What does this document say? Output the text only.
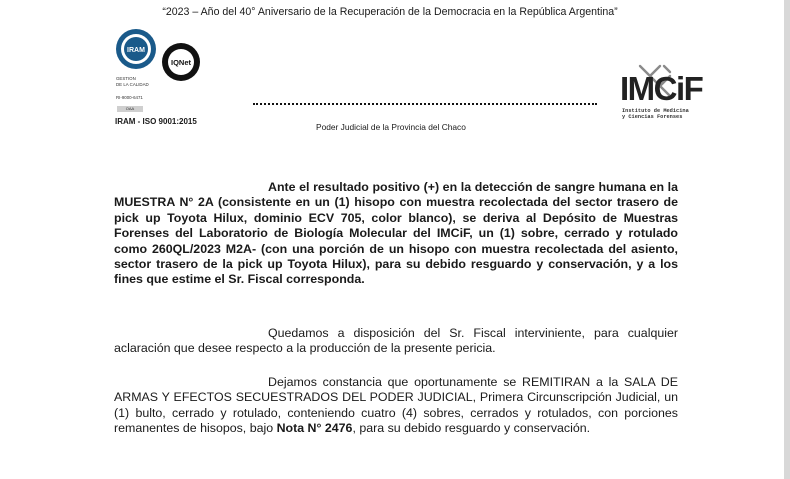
“2023 – Año del 40° Aniversario de la Recuperación de la Democracia en la República Argentina”
IRAM
IQNet
GESTION
DE LA CALIDAD
RI-9000-6471
OAA
IRAM - ISO 9001:2015
Poder Judicial de la Provincia del Chaco
IMCiF
Instituto de Medicina
y Ciencias Forenses
Ante el resultado positivo (+) en la detección de sangre humana en la MUESTRA N° 2A (consistente en un (1) hisopo con muestra recolectada del sector trasero de pick up Toyota Hilux, dominio ECV 705, color blanco), se deriva al Depósito de Muestras Forenses del Laboratorio de Biología Molecular del IMCiF, un (1) sobre, cerrado y rotulado como 260QL/2023 M2A- (con una porción de un hisopo con muestra recolectada del asiento, sector trasero de la pick up Toyota Hilux), para su debido resguardo y conservación, y a los fines que estime el Sr. Fiscal corresponda.
Quedamos a disposición del Sr. Fiscal interviniente, para cualquier aclaración que desee respecto a la producción de la presente pericia.
Dejamos constancia que oportunamente se REMITIRAN a la SALA DE ARMAS Y EFECTOS SECUESTRADOS DEL PODER JUDICIAL, Primera Circunscripción Judicial, un (1) bulto, cerrado y rotulado, conteniendo cuatro (4) sobres, cerrados y rotulados, con porciones remanentes de hisopos, bajo Nota N° 2476, para su debido resguardo y conservación.
